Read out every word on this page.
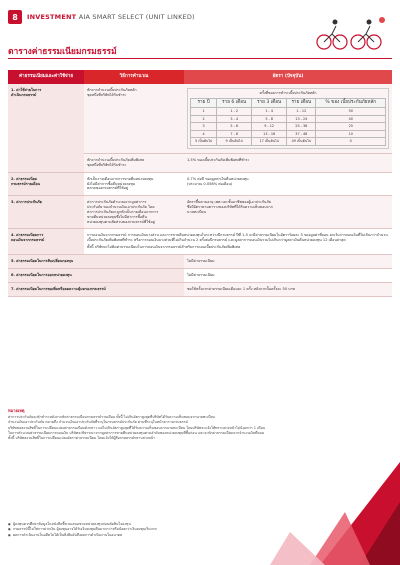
8	INVESTMENT AIA SMART SELECT (UNIT LINKED)
ตารางค่าธรรมเนียมกรมธรรม์
ค่าธรรมเนียมและค่าใช้จ่าย	วิธีการคำนวณ	อัตรา (ปัจจุบัน)
1. ค่าใช้จ่ายในการ
ดำเนินกรมธรรม์	หักจากจำนวนเบี้ยประกันภัยหลัก
ชุดหนึ่งที่บริษัทได้รับชำระ	ครั้งที่ของการชำระเบี้ยประกันภัยหลัก
ราย ปี	ราย 6 เดือน	ราย 3 เดือน	ราย เดือน	% ของ เบี้ยประกันภัยหลัก
1	1 - 2	1 - 4	1 - 12	50
2	3 - 4	5 - 8	13 - 24	40
3	5 - 6	9 - 12	25 - 36	25
4	7 - 8	13 - 16	37 - 48	10
5 เป็นต้นไป	9 เป็นต้นไป	17 เป็นต้นไป	49 เป็นต้นไป	0

หักจากจำนวนเบี้ยประกันภัยเพิ่มพิเศษ
ชุดหนึ่งที่บริษัทได้รับชำระ	1.5% ของเบี้ยประกันภัยเพิ่มพิเศษที่ชำระ
2. ค่าธรรมเนียม
กรมธรรม์รายเดือน	หักเป็นรายเดือนจากการขายคืนหน่วยลงทุน
ยังไม่มีค่าการซื้อคืนหน่วยลงทุน
ตลาดของกรมธรรม์ที่ใช้อยู่	0.7% ต่อปี ของมูลค่าเงินคืนหน่วยลงทุน
(ประมาณ 0.058% ต่อเดือน)
3. ค่าการประกันภัย	ค่าการประกันภัยคำนวณจากมูลค่าการ
ประกันภัย ของจำนวนเงินเอาประกันภัย โดย
ค่าการประกันภัยจะถูกหักเป็นรายเดือนจากการ
ขายคืนหน่วยลงทุนซึ่งไม่มีค่าการซื้อคืน
หน่วยลงทุนตามสัดส่วนของกรมธรรม์ที่ใช้อยู่	อัตราขึ้นตามอายุ เพศ และชั้นอาชีพของผู้เอาประกันภัย
ซึ่งมีอัตราตามตารางของบริษัทที่ได้รับความเห็นชอบจาก
นายทะเบียน
4. ค่าธรรมเนียมการ
ถอนเงินจากกรมธรรม์	
การถอนเงินจากกรมธรรม์ การถอนเงินบางส่วน และการขายคืนหน่วยลงทุนในระหว่างปีกรมธรรม์ ปีที่ 1-5 จะมีค่าธรรมเนียมในอัตราร้อยละ 5 ของมูลค่าที่ถอน ยกเว้นการถอนเงินที่ไม่เกินกว่าจำนวนเบี้ยประกันภัยเพิ่มพิเศษที่ชำระ หรือการถอนเงินบางส่วนที่ไม่เกินจำนวน 2 ครั้งต่อปีกรมธรรม์ และมูลค่าการถอนเงินรวมไม่เกินกว่ามูลค่าเงินคืนหน่วยลงทุน 12 เดือนล่าสุด
ทั้งนี้ บริษัทจะไม่คิดค่าธรรมเนียมในการถอนเงินจากกรมธรรม์สำหรับการถอนเบี้ยประกันภัยเพิ่มพิเศษ

5. ค่าธรรมเนียมในการสับเปลี่ยนกองทุน	ไม่มีค่าธรรมเนียม
6. ค่าธรรมเนียมในการออกหน่วยลงทุน	ไม่มีค่าธรรมเนียม
7. ค่าธรรมเนียมในการขอเพิ่มหรือลดความคุ้มครองกรมธรรม์	ชดใช้ครั้งแรกค่าธรรมเนียมเดือนละ 1 ครั้ง หลังจากนั้นครั้งละ 50 บาท
หมายเหตุ
ค่าการประกันภัยจะหักชำระหลังจากหักค่าธรรมเนียมกรมธรรม์รายเดือน ทั้งนี้ ไม่เกินอัตราสูงสุดที่บริษัทได้รับความเห็นชอบจากนายทะเบียน
จำนวนเงินเอาประกันภัย หมายถึง จำนวนเงินเอาประกันภัยที่ระบุในกรมธรรม์ประกันภัย ตามที่ระบุในหน้าตารางกรมธรรม์
บริษัทขอสงวนสิทธิ์ในการเปลี่ยนแปลงค่าธรรมเนียมดังกล่าว แต่ไม่เกินอัตราสูงสุดที่ได้รับความเห็นชอบจากนายทะเบียน โดยบริษัทจะแจ้งให้ทราบล่วงหน้าไม่น้อยกว่า 1 เดือน
ในการคำนวณค่าธรรมเนียมการถอนเงิน บริษัทจะพิจารณาจากมูลค่าการขายคืนหน่วยลงทุนตามลำดับของหน่วยลงทุนที่ซื้อก่อน และจะหักค่าธรรมเนียมจากจำนวนเงินที่ถอน
ทั้งนี้ บริษัทสงวนสิทธิ์ในการเปลี่ยนแปลงอัตราค่าธรรมเนียม โดยแจ้งให้ผู้ถือกรมธรรม์ทราบล่วงหน้า
● ผู้ลงทุนควรศึกษาข้อมูลในหนังสือชี้ชวนเสนอขายหน่วยลงทุนก่อนตัดสินใจลงทุน
● กรมธรรม์นี้ไม่ใช่การฝากเงิน ผู้ลงทุนอาจได้รับเงินลงทุนคืนมากกว่าหรือน้อยกว่าเงินลงทุนเริ่มแรก
● ผลการดำเนินงานในอดีตไม่ได้เป็นสิ่งยืนยันถึงผลการดำเนินงานในอนาคต
